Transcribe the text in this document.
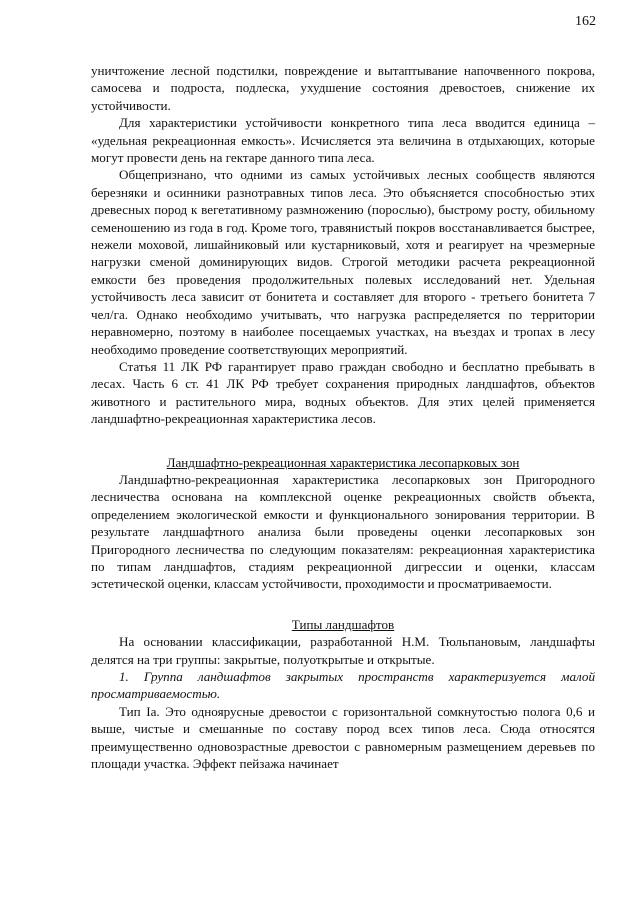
162

уничтожение лесной подстилки, повреждение и вытаптывание напочвенного покрова, самосева и подроста, подлеска, ухудшение состояния древостоев, снижение их устойчивости.

Для характеристики устойчивости конкретного типа леса вводится единица – «удельная рекреационная емкость». Исчисляется эта величина в отдыхающих, которые могут провести день на гектаре данного типа леса.

Общепризнано, что одними из самых устойчивых лесных сообществ являются березняки и осинники разнотравных типов леса. Это объясняется способностью этих древесных пород к вегетативному размножению (порослью), быстрому росту, обильному семеношению из года в год. Кроме того, травянистый покров восстанавливается быстрее, нежели моховой, лишайниковый или кустарниковый, хотя и реагирует на чрезмерные нагрузки сменой доминирующих видов. Строгой методики расчета рекреационной емкости без проведения продолжительных полевых исследований нет. Удельная устойчивость леса зависит от бонитета и составляет для второго - третьего бонитета 7 чел/га. Однако необходимо учитывать, что нагрузка распределяется по территории неравномерно, поэтому в наиболее посещаемых участках, на въездах и тропах в лесу необходимо проведение соответствующих мероприятий.

Статья 11 ЛК РФ гарантирует право граждан свободно и бесплатно пребывать в лесах. Часть 6 ст. 41 ЛК РФ требует сохранения природных ландшафтов, объектов животного и растительного мира, водных объектов. Для этих целей применяется ландшафтно-рекреационная характеристика лесов.

Ландшафтно-рекреационная характеристика лесопарковых зон

Ландшафтно-рекреационная характеристика лесопарковых зон Пригородного лесничества основана на комплексной оценке рекреационных свойств объекта, определением экологической емкости и функционального зонирования территории. В результате ландшафтного анализа были проведены оценки лесопарковых зон Пригородного лесничества по следующим показателям: рекреационная характеристика по типам ландшафтов, стадиям рекреационной дигрессии и оценки, классам эстетической оценки, классам устойчивости, проходимости и просматриваемости.

Типы ландшафтов

На основании классификации, разработанной Н.М. Тюльпановым, ландшафты делятся на три группы: закрытые, полуоткрытые и открытые.

1. Группа ландшафтов закрытых пространств характеризуется малой просматриваемостью.

Тип Iа. Это одноярусные древостои с горизонтальной сомкнутостью полога 0,6 и выше, чистые и смешанные по составу пород всех типов леса. Сюда относятся преимущественно одновозрастные древостои с равномерным размещением деревьев по площади участка. Эффект пейзажа начинает
